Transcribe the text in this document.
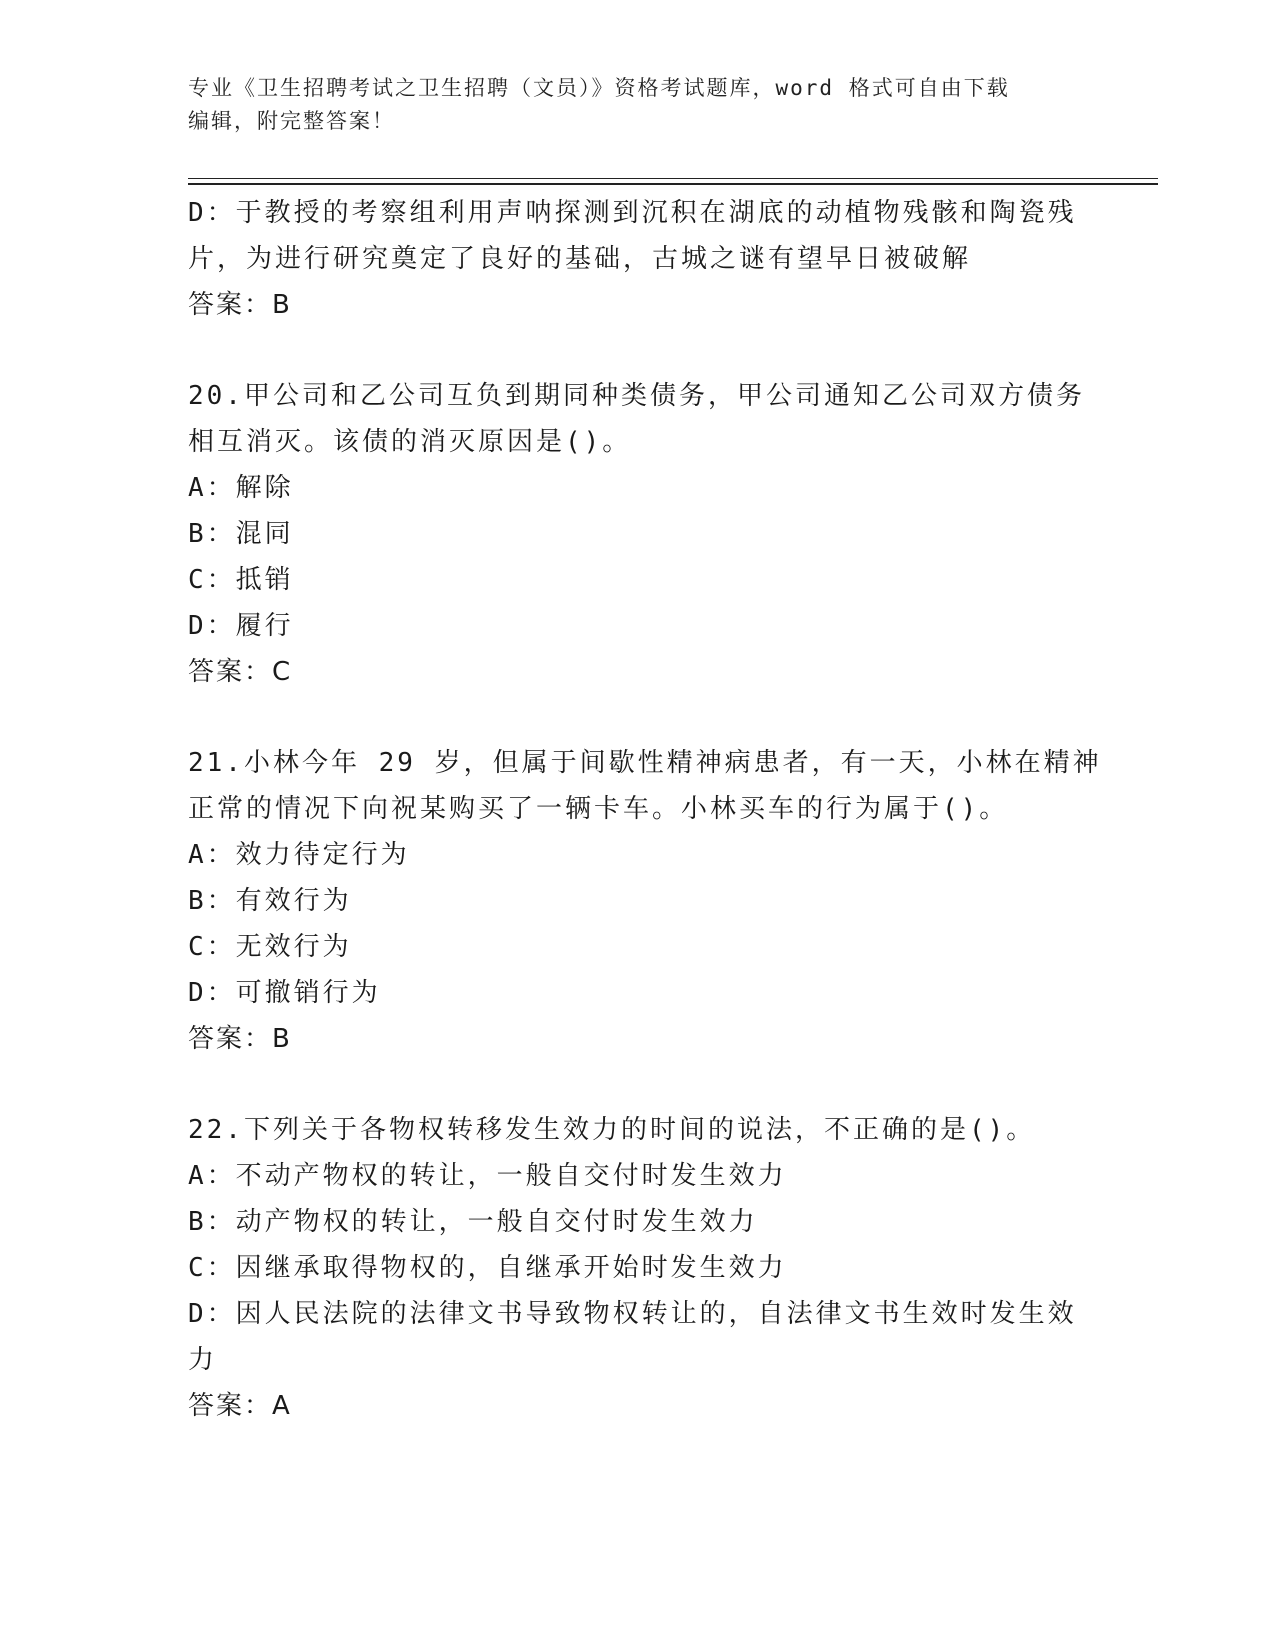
专业《卫生招聘考试之卫生招聘（文员）》资格考试题库，word 格式可自由下载
编辑，附完整答案！
D：于教授的考察组利用声呐探测到沉积在湖底的动植物残骸和陶瓷残
片，为进行研究奠定了良好的基础，古城之谜有望早日被破解
答案：B
20.甲公司和乙公司互负到期同种类债务，甲公司通知乙公司双方债务
相互消灭。该债的消灭原因是()。
A：解除
B：混同
C：抵销
D：履行
答案：C
21.小林今年 29 岁，但属于间歇性精神病患者，有一天，小林在精神
正常的情况下向祝某购买了一辆卡车。小林买车的行为属于()。
A：效力待定行为
B：有效行为
C：无效行为
D：可撤销行为
答案：B
22.下列关于各物权转移发生效力的时间的说法，不正确的是()。
A：不动产物权的转让，一般自交付时发生效力
B：动产物权的转让，一般自交付时发生效力
C：因继承取得物权的，自继承开始时发生效力
D：因人民法院的法律文书导致物权转让的，自法律文书生效时发生效
力
答案：A
